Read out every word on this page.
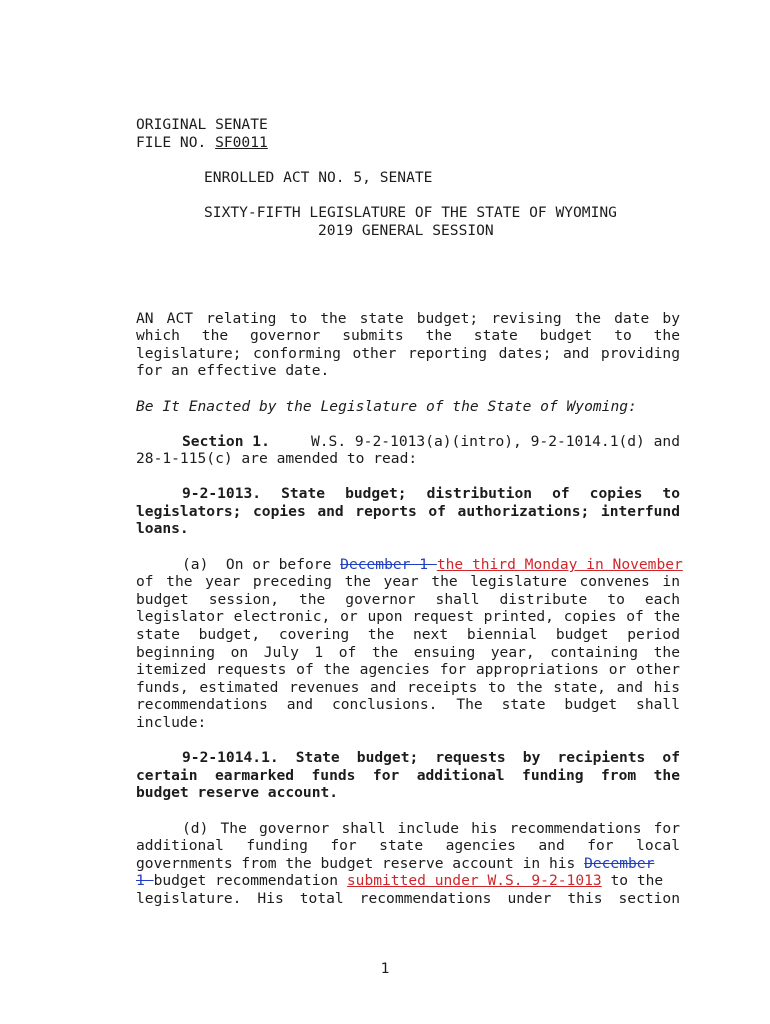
ORIGINAL SENATE
FILE NO. SF0011
ENROLLED ACT NO. 5, SENATE
SIXTY-FIFTH LEGISLATURE OF THE STATE OF WYOMING
2019 GENERAL SESSION
AN ACT relating to the state budget; revising the date by
which the governor submits the state budget to the
legislature; conforming other reporting dates; and providing
for an effective date.
Be It Enacted by the Legislature of the State of Wyoming:
Section 1.	W.S. 9-2-1013(a)(intro), 9-2-1014.1(d) and
28-1-115(c) are amended to read:
9-2-1013. State budget; distribution of copies to
legislators; copies and reports of authorizations; interfund
loans.
(a)  On or before December 1 the third Monday in November
of the year preceding the year the legislature convenes in
budget session, the governor shall distribute to each
legislator electronic, or upon request printed, copies of the
state budget, covering the next biennial budget period
beginning on July 1 of the ensuing year, containing the
itemized requests of the agencies for appropriations or other
funds, estimated revenues and receipts to the state, and his
recommendations and conclusions. The state budget shall
include:
9-2-1014.1. State budget; requests by recipients of
certain earmarked funds for additional funding from the
budget reserve account.
(d) The governor shall include his recommendations for
additional funding for state agencies and for local
governments from the budget reserve account in his December
1 budget recommendation submitted under W.S. 9-2-1013 to the
legislature. His total recommendations under this section
1
